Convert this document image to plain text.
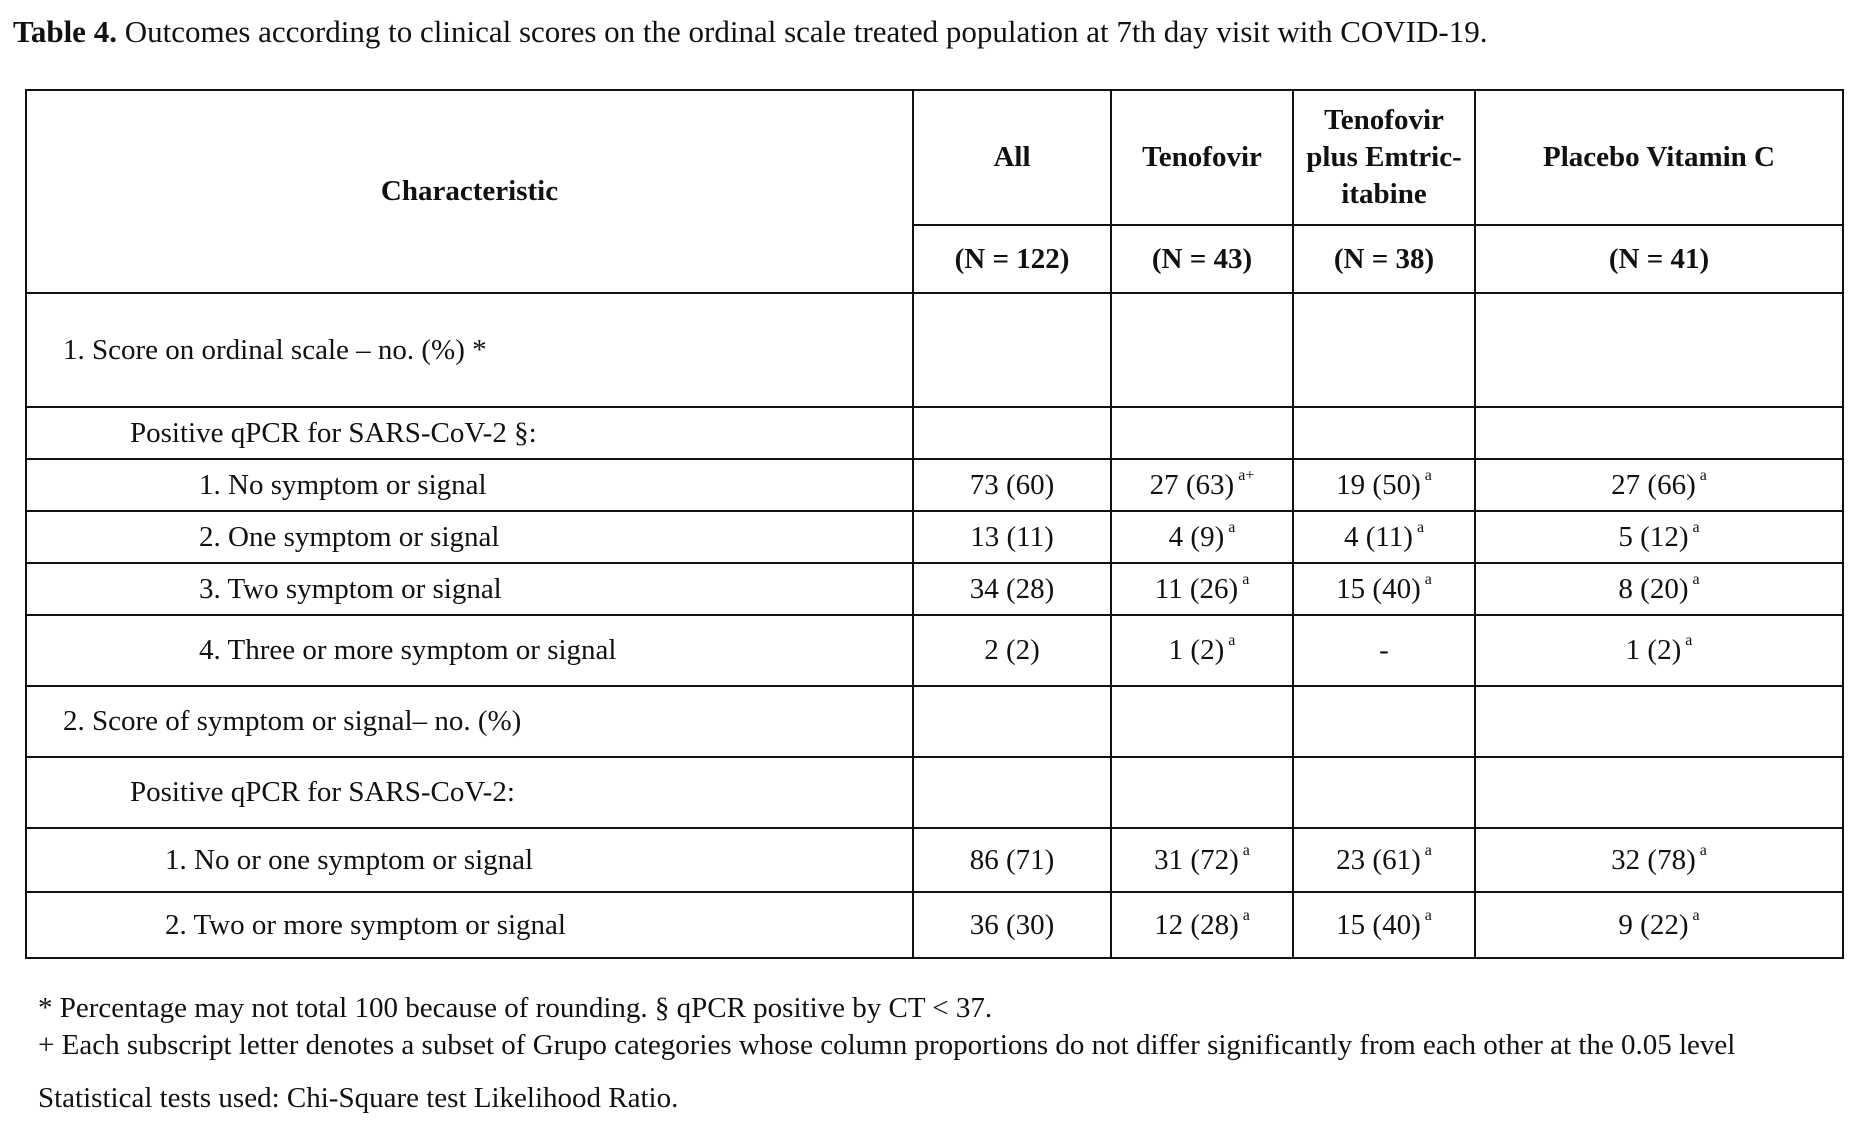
Table 4. Outcomes according to clinical scores on the ordinal scale treated population at 7th day visit with COVID-19.
Characteristic	All	Tenofovir	Tenofovir
plus Emtric-
itabine	Placebo Vitamin C
	(N = 122)	(N = 43)	(N = 38)	(N = 41)
1. Score on ordinal scale – no. (%) *				
Positive qPCR for SARS-CoV-2 §:				
1. No symptom or signal	73 (60)	27 (63) $^{a+}$	19 (50) $^a$	27 (66) $^a$
2. One symptom or signal	13 (11)	4 (9) $^a$	4 (11) $^a$	5 (12) $^a$
3. Two symptom or signal	34 (28)	11 (26) $^a$	15 (40) $^a$	8 (20) $^a$
4. Three or more symptom or signal	2 (2)	1 (2) $^a$	-	1 (2) $^a$
2. Score of symptom or signal– no. (%)				
Positive qPCR for SARS-CoV-2:				
1. No or one symptom or signal	86 (71)	31 (72) $^a$	23 (61) $^a$	32 (78) $^a$
2. Two or more symptom or signal	36 (30)	12 (28) $^a$	15 (40) $^a$	9 (22) $^a$
* Percentage may not total 100 because of rounding. § qPCR positive by CT < 37.
+ Each subscript letter denotes a subset of Grupo categories whose column proportions do not differ significantly from each other at the 0.05 level
Statistical tests used: Chi-Square test Likelihood Ratio.
